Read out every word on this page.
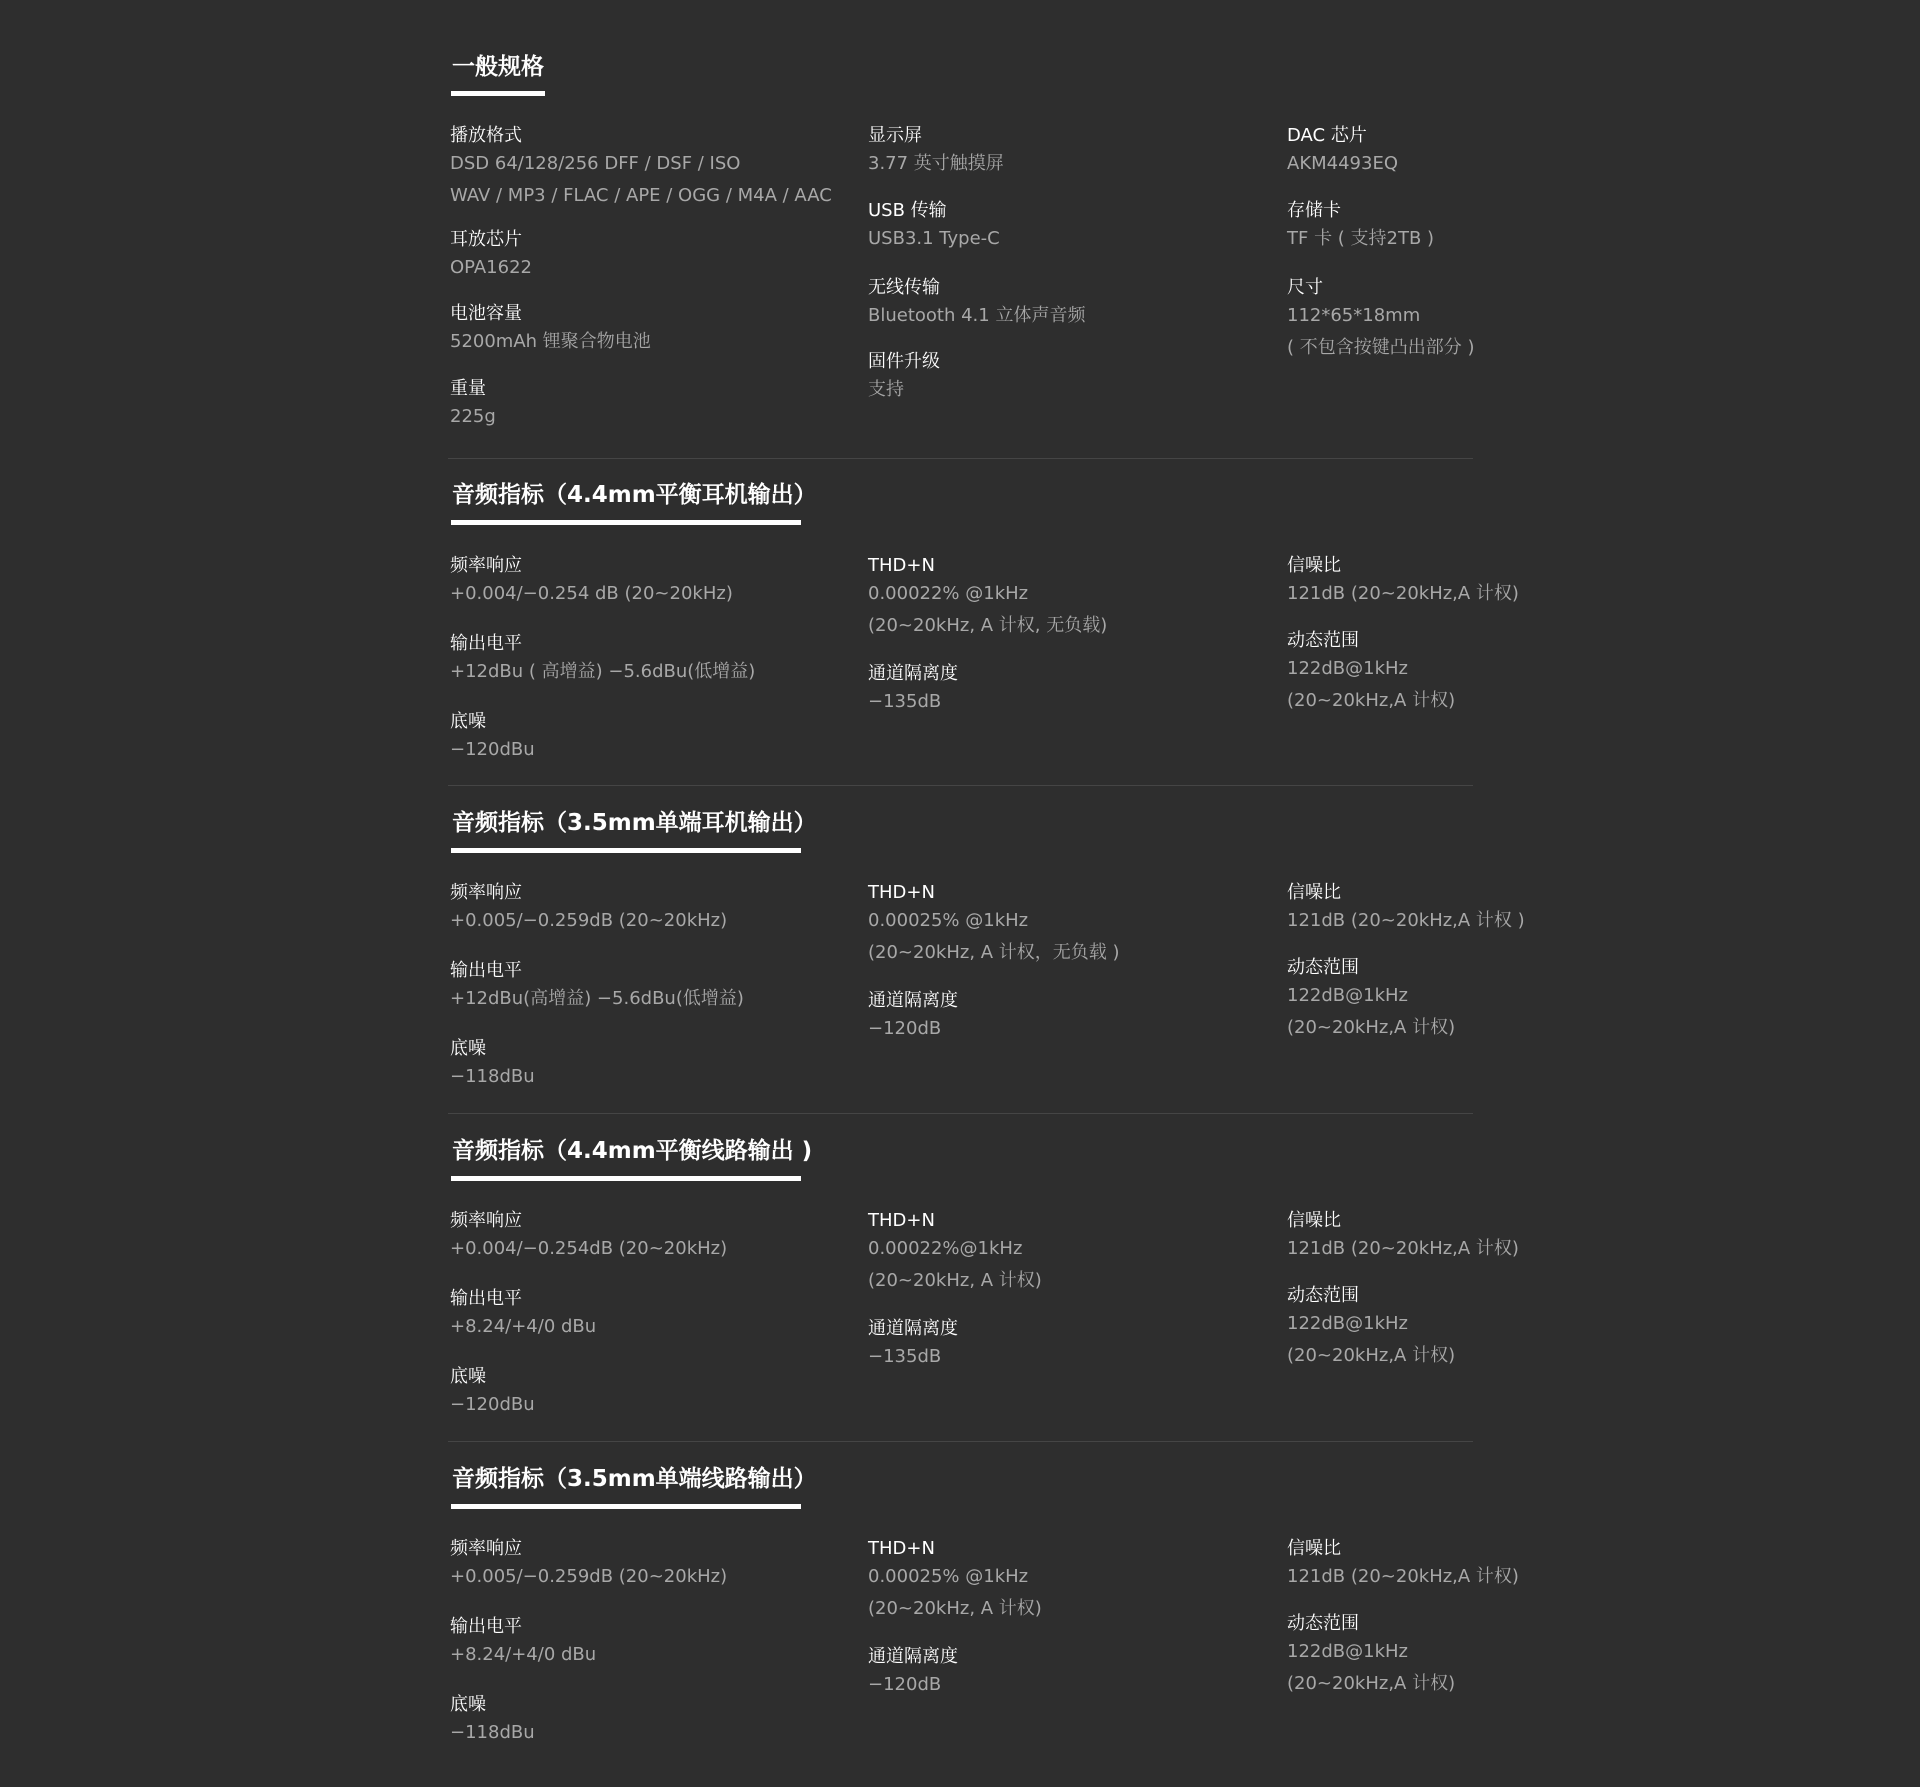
一般规格
播放格式
DSD 64/128/256 DFF / DSF / ISO
WAV / MP3 / FLAC / APE / OGG / M4A / AAC
耳放芯片
OPA1622
电池容量
5200mAh 锂聚合物电池
重量
225g
显示屏
3.77 英寸触摸屏
USB 传输
USB3.1 Type-C
无线传输
Bluetooth 4.1 立体声音频
固件升级
支持
DAC 芯片
AKM4493EQ
存储卡
TF 卡 ( 支持2TB )
尺寸
112*65*18mm
( 不包含按键凸出部分 )
音频指标（4.4mm平衡耳机输出）
频率响应
+0.004/−0.254 dB (20~20kHz)
输出电平
+12dBu ( 高增益) −5.6dBu(低增益)
底噪
−120dBu
THD+N
0.00022% @1kHz
(20~20kHz, A 计权, 无负载)
通道隔离度
−135dB
信噪比
121dB (20~20kHz,A 计权)
动态范围
122dB@1kHz
(20~20kHz,A 计权)
音频指标（3.5mm单端耳机输出）
频率响应
+0.005/−0.259dB (20~20kHz)
输出电平
+12dBu(高增益) −5.6dBu(低增益)
底噪
−118dBu
THD+N
0.00025% @1kHz
(20~20kHz, A 计权，无负载 )
通道隔离度
−120dB
信噪比
121dB (20~20kHz,A 计权 )
动态范围
122dB@1kHz
(20~20kHz,A 计权)
音频指标（4.4mm平衡线路输出 )
频率响应
+0.004/−0.254dB (20~20kHz)
输出电平
+8.24/+4/0 dBu
底噪
−120dBu
THD+N
0.00022%@1kHz
(20~20kHz, A 计权)
通道隔离度
−135dB
信噪比
121dB (20~20kHz,A 计权)
动态范围
122dB@1kHz
(20~20kHz,A 计权)
音频指标（3.5mm单端线路输出）
频率响应
+0.005/−0.259dB (20~20kHz)
输出电平
+8.24/+4/0 dBu
底噪
−118dBu
THD+N
0.00025% @1kHz
(20~20kHz, A 计权)
通道隔离度
−120dB
信噪比
121dB (20~20kHz,A 计权)
动态范围
122dB@1kHz
(20~20kHz,A 计权)
